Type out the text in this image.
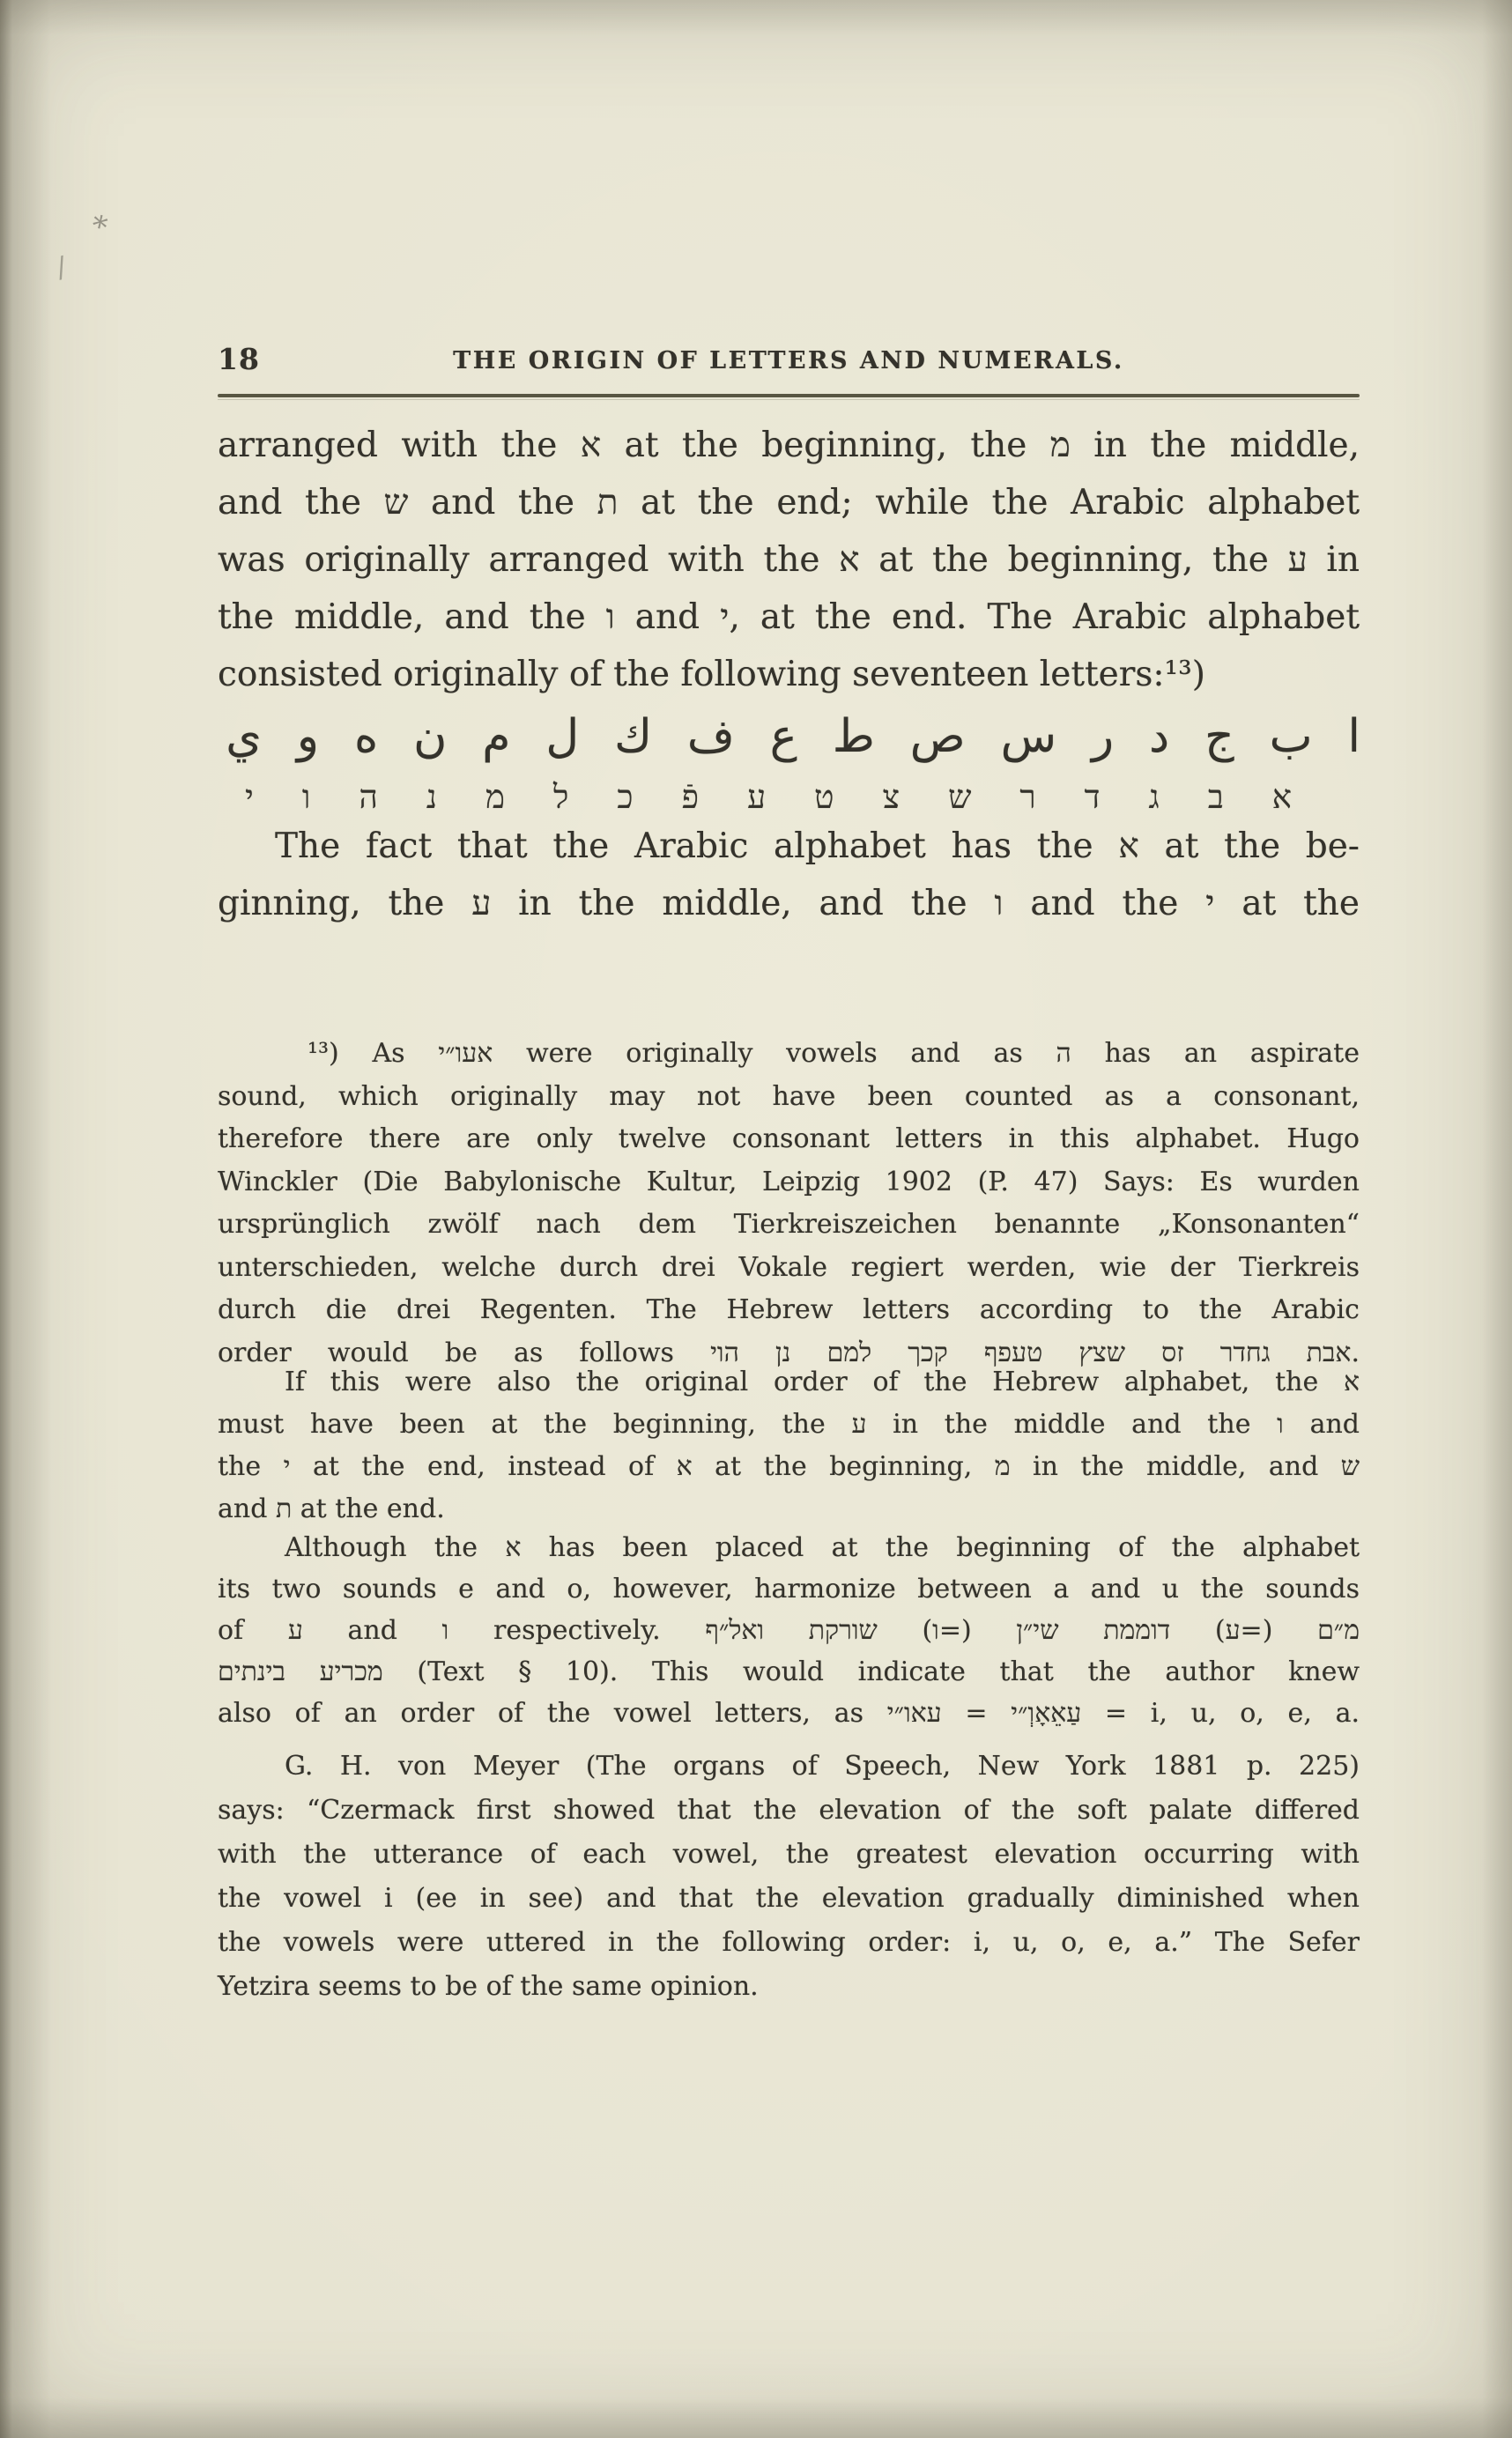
*
/
18	THE ORIGIN OF LETTERS AND NUMERALS.
arranged with the א at the beginning, the מ in the middle,
and the ש and the ת at the end; while the Arabic alphabet
was originally arranged with the א at the beginning, the ע in
the middle, and the ו and י, at the end. The Arabic alphabet
consisted originally of the following seventeen letters:¹³)
ا
ب
ج
د
ر
س
ص
ط
ع
ف
ك
ل
م
ن
ه
و
ي
א
ב
ג
ד
ר
ש
צ
ט
ע
פֿ
כ
ל
מ
נ
ה
ו
י
The fact that the Arabic alphabet has the א at the be-
ginning, the ע in the middle, and the ו and the י at the
¹³) As אעו״י were originally vowels and as ה has an aspirate
sound, which originally may not have been counted as a consonant,
therefore there are only twelve consonant letters in this alphabet. Hugo
Winckler (Die Babylonische Kultur, Leipzig 1902 (P. 47) Says: Es wurden
ursprünglich zwölf nach dem Tierkreiszeichen benannte „Konsonanten“
unterschieden, welche durch drei Vokale regiert werden, wie der Tierkreis
durch die drei Regenten. The Hebrew letters according to the Arabic
order would be as follows אבת גחדר זס שצץ טעפף קכך למם נן הוי.
If this were also the original order of the Hebrew alphabet, the א
must have been at the beginning, the ע in the middle and the ו and
the י at the end, instead of א at the beginning, מ in the middle, and ש
and ת at the end.
Although the א has been placed at the beginning of the alphabet
its two sounds e and o, however, harmonize between a and u the sounds
of ע and ו respectively. מ״ם (=ע) דוממת שי״ן (=ו) שורקת ואל״ף
מכריע בינתים (Text § 10). This would indicate that the author knew
also of an order of the vowel letters, as עאו״י ‎= עַאֵאָוְ״י = i, u, o, e, a.
G. H. von Meyer (The organs of Speech, New York 1881 p. 225)
says: “Czermack first showed that the elevation of the soft palate differed
with the utterance of each vowel, the greatest elevation occurring with
the vowel i (ee in see) and that the elevation gradually diminished when
the vowels were uttered in the following order: i, u, o, e, a.” The Sefer
Yetzira seems to be of the same opinion.
